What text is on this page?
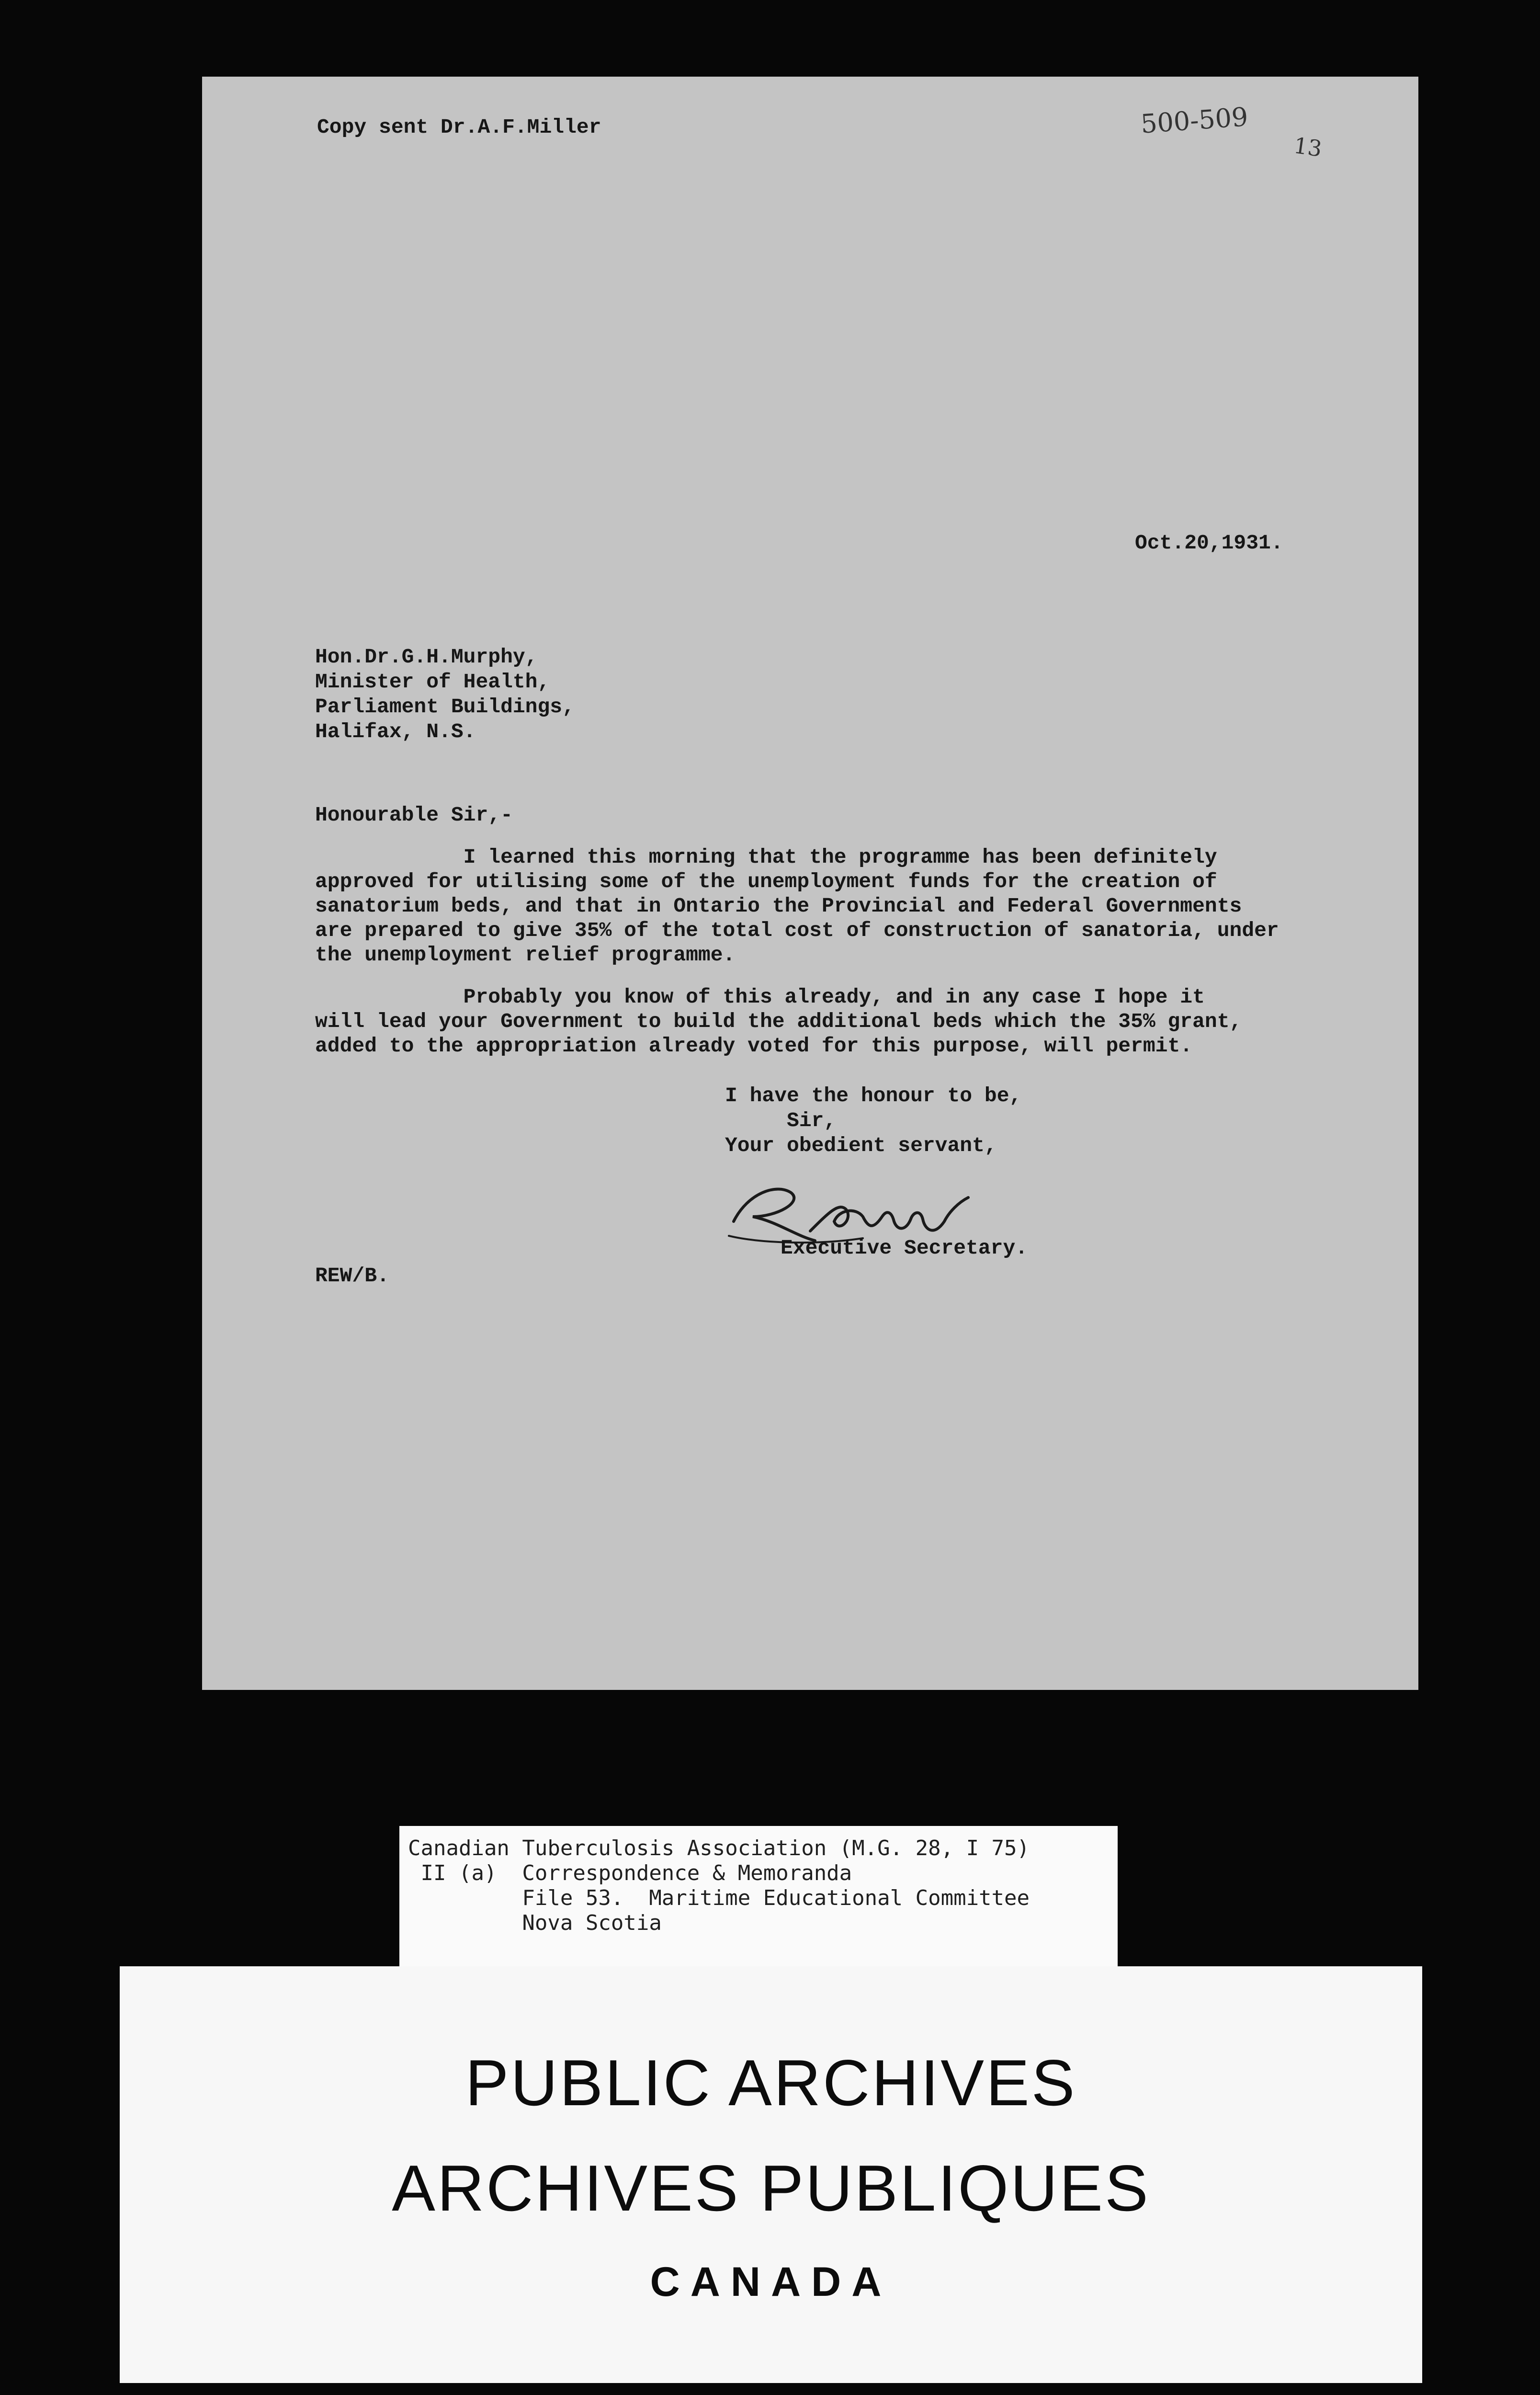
Copy sent Dr.A.F.Miller	500-509
13
Oct.20,1931.
Hon.Dr.G.H.Murphy,
Minister of Health,
Parliament Buildings,
Halifax, N.S.
Honourable Sir,-
I learned this morning that the programme has been definitely
approved for utilising some of the unemployment funds for the creation of
sanatorium beds, and that in Ontario the Provincial and Federal Governments
are prepared to give 35% of the total cost of construction of sanatoria, under
the unemployment relief programme.
Probably you know of this already, and in any case I hope it
will lead your Government to build the additional beds which the 35% grant,
added to the appropriation already voted for this purpose, will permit.
I have the honour to be,
Sir,
Your obedient servant,
Executive Secretary.
REW/B.
Canadian Tuberculosis Association (M.G. 28, I 75)
II (a)  Correspondence & Memoranda
File 53.  Maritime Educational Committee
Nova Scotia
PUBLIC ARCHIVES
ARCHIVES PUBLIQUES
CANADA
